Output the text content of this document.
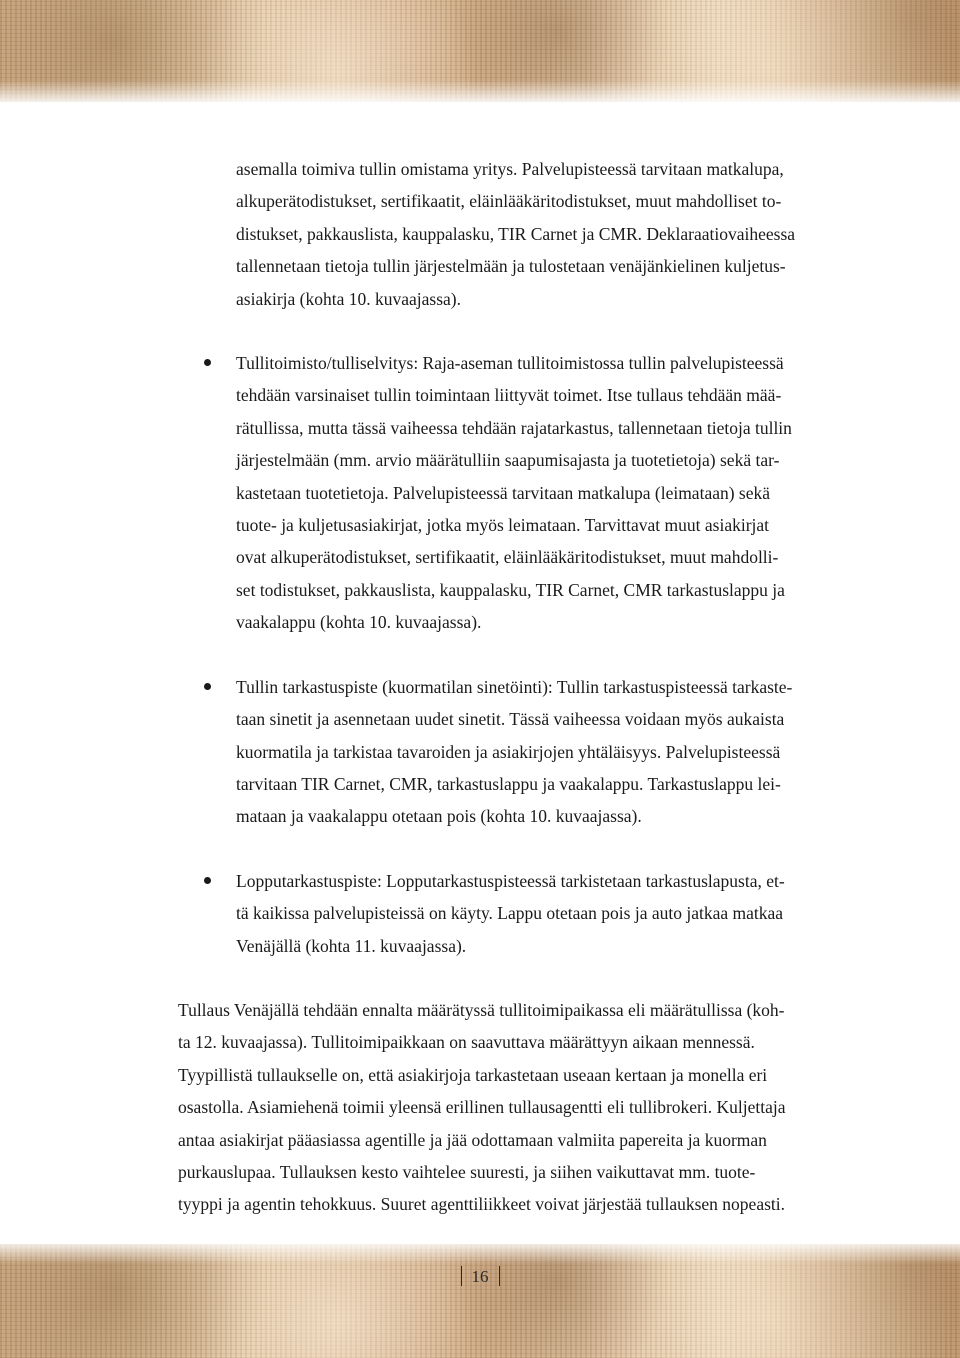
asemalla toimiva tullin omistama yritys. Palvelupisteessä tarvitaan matkalupa,

alkuperätodistukset, sertifikaatit, eläinlääkäritodistukset, muut mahdolliset to-

distukset, pakkauslista, kauppalasku, TIR Carnet ja CMR. Deklaraatiovaiheessa

tallennetaan tietoja tullin järjestelmään ja tulostetaan venäjänkielinen kuljetus-

asiakirja (kohta 10. kuvaajassa).

Tullitoimisto/tulliselvitys: Raja-aseman tullitoimistossa tullin palvelupisteessä

tehdään varsinaiset tullin toimintaan liittyvät toimet. Itse tullaus tehdään mää-

rätullissa, mutta tässä vaiheessa tehdään rajatarkastus, tallennetaan tietoja tullin

järjestelmään (mm. arvio määrätulliin saapumisajasta ja tuotetietoja) sekä tar-

kastetaan tuotetietoja. Palvelupisteessä tarvitaan matkalupa (leimataan) sekä

tuote- ja kuljetusasiakirjat, jotka myös leimataan. Tarvittavat muut asiakirjat

ovat alkuperätodistukset, sertifikaatit, eläinlääkäritodistukset, muut mahdolli-

set todistukset, pakkauslista, kauppalasku, TIR Carnet, CMR tarkastuslappu ja

vaakalappu (kohta 10. kuvaajassa).

Tullin tarkastuspiste (kuormatilan sinetöinti): Tullin tarkastuspisteessä tarkaste-

taan sinetit ja asennetaan uudet sinetit. Tässä vaiheessa voidaan myös aukaista

kuormatila ja tarkistaa tavaroiden ja asiakirjojen yhtäläisyys. Palvelupisteessä

tarvitaan TIR Carnet, CMR, tarkastuslappu ja vaakalappu. Tarkastuslappu lei-

mataan ja vaakalappu otetaan pois (kohta 10. kuvaajassa).

Lopputarkastuspiste: Lopputarkastuspisteessä tarkistetaan tarkastuslapusta, et-

tä kaikissa palvelupisteissä on käyty. Lappu otetaan pois ja auto jatkaa matkaa

Venäjällä (kohta 11. kuvaajassa).

Tullaus Venäjällä tehdään ennalta määrätyssä tullitoimipaikassa eli määrätullissa (koh-

ta 12. kuvaajassa). Tullitoimipaikkaan on saavuttava määrättyyn aikaan mennessä.

Tyypillistä tullaukselle on, että asiakirjoja tarkastetaan useaan kertaan ja monella eri

osastolla. Asiamiehenä toimii yleensä erillinen tullausagentti eli tullibrokeri. Kuljettaja

antaa asiakirjat pääasiassa agentille ja jää odottamaan valmiita papereita ja kuorman

purkauslupaa. Tullauksen kesto vaihtelee suuresti, ja siihen vaikuttavat mm. tuote-

tyyppi ja agentin tehokkuus. Suuret agenttiliikkeet voivat järjestää tullauksen nopeasti.

16
